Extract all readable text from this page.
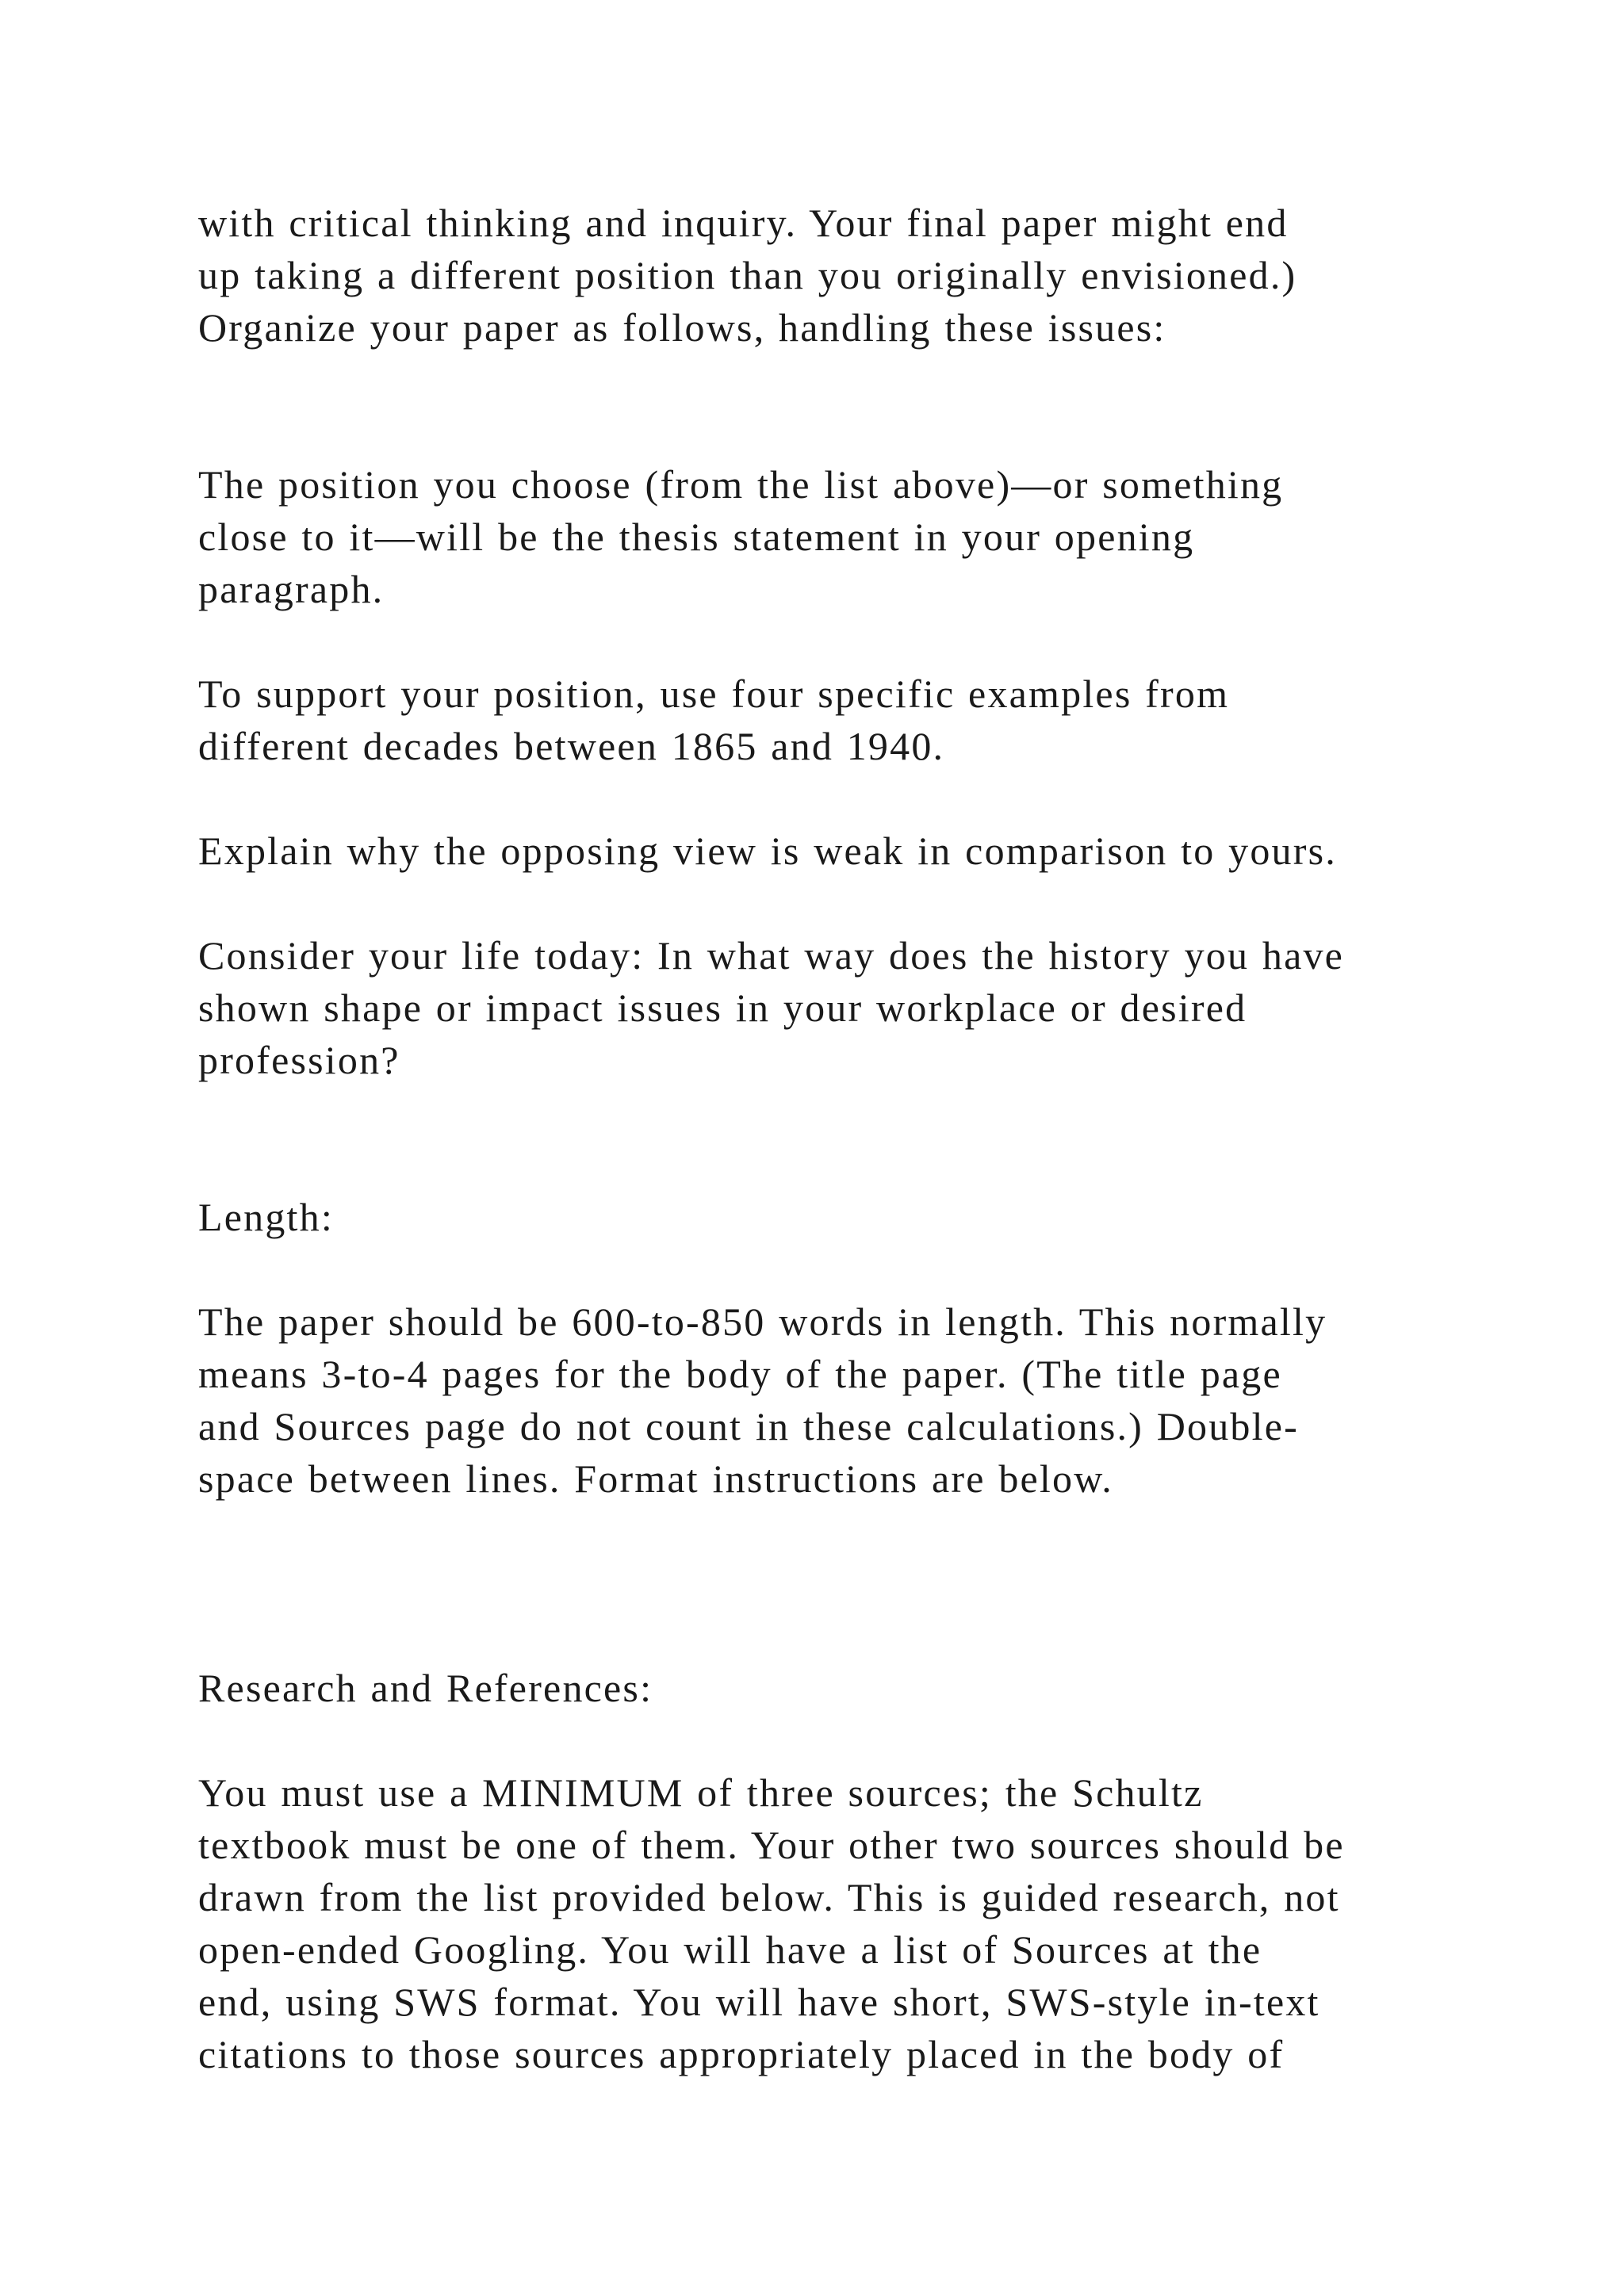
with critical thinking and inquiry. Your final paper might end

up taking a different position than you originally envisioned.)

Organize your paper as follows, handling these issues:

The position you choose (from the list above)—or something

close to it—will be the thesis statement in your opening

paragraph.

To support your position, use four specific examples from

different decades between 1865 and 1940.

Explain why the opposing view is weak in comparison to yours.

Consider your life today: In what way does the history you have

shown shape or impact issues in your workplace or desired

profession?

Length:

The paper should be 600-to-850 words in length. This normally

means 3-to-4 pages for the body of the paper. (The title page

and Sources page do not count in these calculations.) Double-

space between lines. Format instructions are below.

Research and References:

You must use a MINIMUM of three sources; the Schultz

textbook must be one of them. Your other two sources should be

drawn from the list provided below. This is guided research, not

open-ended Googling. You will have a list of Sources at the

end, using SWS format. You will have short, SWS-style in-text

citations to those sources appropriately placed in the body of
